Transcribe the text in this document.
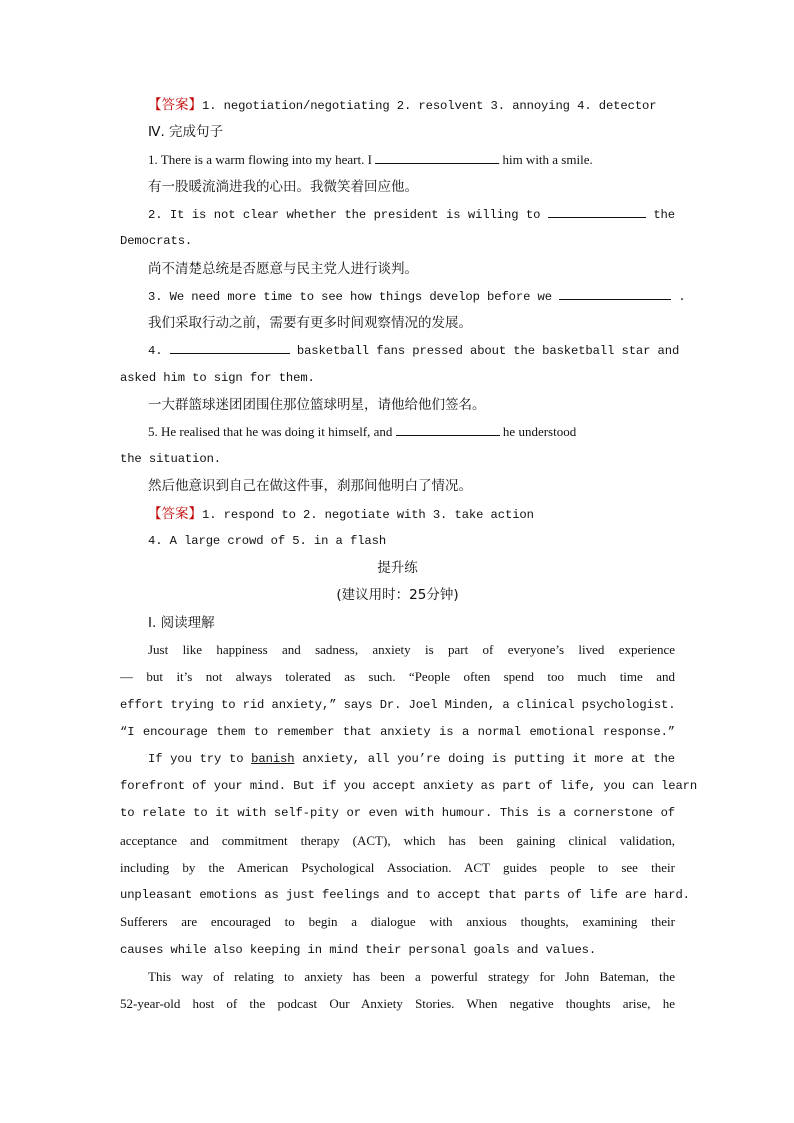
【答案】1. negotiation/negotiating 2. resolvent 3. annoying 4. detector
Ⅳ. 完成句子
1. There is a warm flowing into my heart. I	him with a smile.
有一股暖流淌进我的心田。我微笑着回应他。
2. It is not clear whether the president is willing to	the
Democrats.
尚不清楚总统是否愿意与民主党人进行谈判。
3. We need more time to see how things develop before we	.
我们采取行动之前，需要有更多时间观察情况的发展。
4.	basketball fans pressed about the basketball star and
asked him to sign for them.
一大群篮球迷团团围住那位篮球明星，请他给他们签名。
5. He realised that he was doing it himself, and	he understood
the situation.
然后他意识到自己在做这件事，刹那间他明白了情况。
【答案】1. respond to 2. negotiate with 3. take action
4. A large crowd of 5. in a flash
提升练
(建议用时：25分钟)
Ⅰ. 阅读理解
Just like happiness and sadness, anxiety is part of everyone’s lived experience
— but it’s not always tolerated as such. “People often spend too much time and
effort trying to rid anxiety,” says Dr. Joel Minden, a clinical psychologist.
“I encourage them to remember that anxiety is a normal emotional response.”
If you try to banish anxiety, all you’re doing is putting it more at the
forefront of your mind. But if you accept anxiety as part of life, you can learn
to relate to it with self-pity or even with humour. This is a cornerstone of
acceptance and commitment therapy (ACT), which has been gaining clinical validation,
including by the American Psychological Association. ACT guides people to see their
unpleasant emotions as just feelings and to accept that parts of life are hard.
Sufferers are encouraged to begin a dialogue with anxious thoughts, examining their
causes while also keeping in mind their personal goals and values.
This way of relating to anxiety has been a powerful strategy for John Bateman, the
52-year-old host of the podcast Our Anxiety Stories. When negative thoughts arise, he
